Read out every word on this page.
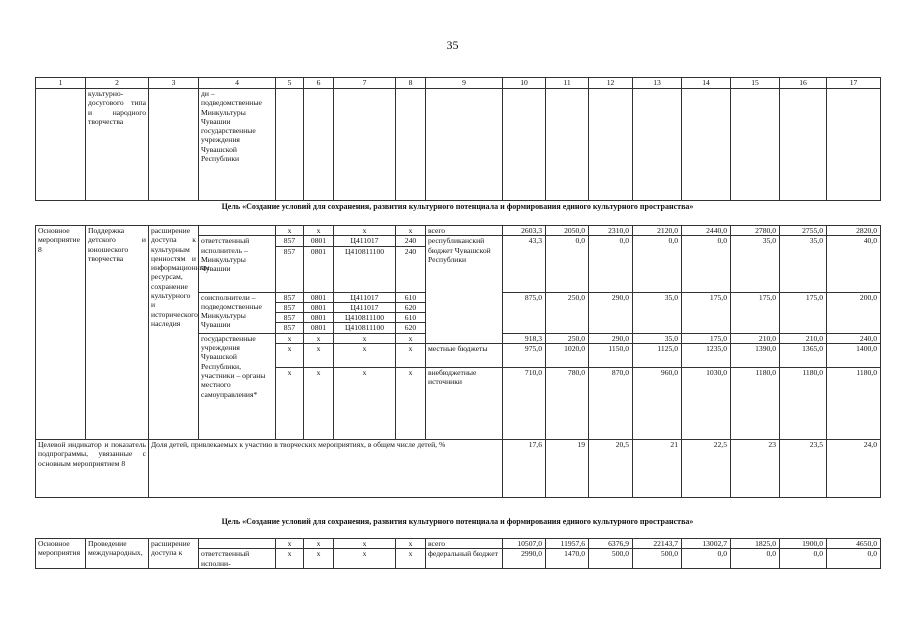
35
1	2	3	4	5	6	7	8	9	10	11	12	13	14	15	16	17
	культурно-досугового типа и народного творчества		ди – подведомственные Минкультуры Чувашии государственные учреждения Чувашской Республики													
Цель «Создание условий для сохранения, развития культурного потенциала и формирования единого культурного пространства»
Основное мероприятие 8	Поддержка детского и юношеского творчества	расширение доступа к культурным ценностям и информационным ресурсам, сохранение культурного и исторического наследия		х	х	х	х	всего	2603,3	2050,0	2310,0	2120,0	2440,0	2780,0	2755,0	2820,0
			ответственный исполнитель – Минкультуры Чувашии	857	0801	Ц411017	240	республиканский бюджет Чувашской Республики	43,3	0,0	0,0	0,0	0,0	35,0	35,0	40,0
				857	0801	Ц410811100	240									
			соисполнители – подведомственные Минкультуры Чувашии	857	0801	Ц411017	610		875,0	250,0	290,0	35,0	175,0	175,0	175,0	200,0
				857	0801	Ц411017	620									
				857	0801	Ц410811100	610									
				857	0801	Ц410811100	620									
			государственные учреждения Чувашской Республики, участники – органы местного самоуправления*	х	х	х	х		918,3	250,0	290,0	35,0	175,0	210,0	210,0	240,0
				х	х	х	х	местные бюджеты	975,0	1020,0	1150,0	1125,0	1235,0	1390,0	1365,0	1400,0
				х	х	х	х	внебюджетные источники	710,0	780,0	870,0	960,0	1030,0	1180,0	1180,0	1180,0
Целевой индикатор и показатель подпрограммы, увязанные с основным мероприятием 8		Доля детей, привлекаемых к участию в творческих мероприятиях, в общем числе детей, %							17,6	19	20,5	21	22,5	23	23,5	24,0
Цель «Создание условий для сохранения, развития культурного потенциала и формирования единого культурного пространства»
Основное мероприятия	Проведение международных,	расширение доступа к		х	х	х	х	всего	10507,0	11957,6	6376,9	22143,7	13002,7	1825,0	1900,0	4650,0
			ответственный исполни-	х	х	х	х	федеральный бюджет	2990,0	1470,0	500,0	500,0	0,0	0,0	0,0	0,0
